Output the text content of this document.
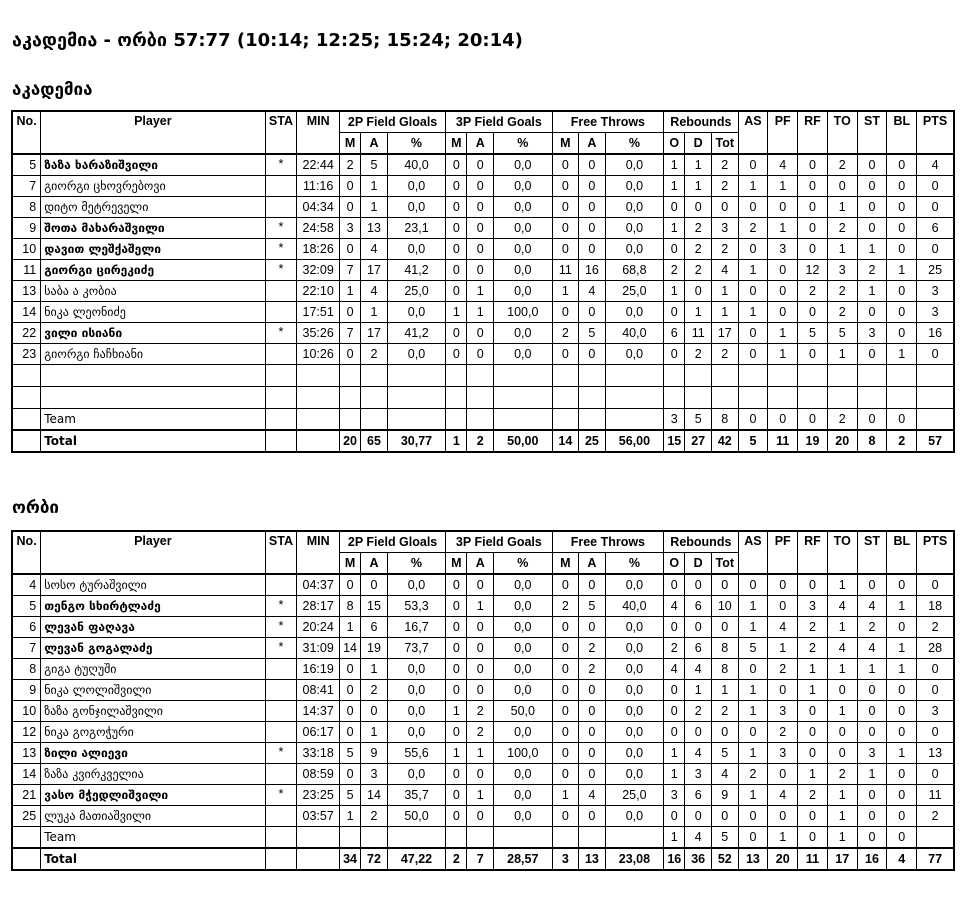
აკადემია - ორბი 57:77 (10:14; 12:25; 15:24; 20:14)
აკადემია
No.	Player	STA	MIN	2P Field Gloals			3P Field Goals			Free Throws			Rebounds			AS	PF	RF	TO	ST	BL	PTS
				M	A	%	M	A	%	M	A	%	O	D	Tot							
5	ზაზა ხარაზიშვილი	*	22:44	2	5	40,0	0	0	0,0	0	0	0,0	1	1	2	0	4	0	2	0	0	4
7	გიორგი ცხოვრებოვი		11:16	0	1	0,0	0	0	0,0	0	0	0,0	1	1	2	1	1	0	0	0	0	0
8	დიტო მეტრეველი		04:34	0	1	0,0	0	0	0,0	0	0	0,0	0	0	0	0	0	0	1	0	0	0
9	შოთა მახარაშვილი	*	24:58	3	13	23,1	0	0	0,0	0	0	0,0	1	2	3	2	1	0	2	0	0	6
10	დავით ლეშქაშელი	*	18:26	0	4	0,0	0	0	0,0	0	0	0,0	0	2	2	0	3	0	1	1	0	0
11	გიორგი ცირეკიძე	*	32:09	7	17	41,2	0	0	0,0	11	16	68,8	2	2	4	1	0	12	3	2	1	25
13	საბა ა კობია		22:10	1	4	25,0	0	1	0,0	1	4	25,0	1	0	1	0	0	2	2	1	0	3
14	ნიკა ლეონიძე		17:51	0	1	0,0	1	1	100,0	0	0	0,0	0	1	1	1	0	0	2	0	0	3
22	ვილი ისიანი	*	35:26	7	17	41,2	0	0	0,0	2	5	40,0	6	11	17	0	1	5	5	3	0	16
23	გიორგი ჩაჩხიანი		10:26	0	2	0,0	0	0	0,0	0	0	0,0	0	2	2	0	1	0	1	0	1	0

	Team												3	5	8	0	0	0	2	0	0	
	Total			20	65	30,77	1	2	50,00	14	25	56,00	15	27	42	5	11	19	20	8	2	57
ორბი
No.	Player	STA	MIN	2P Field Gloals			3P Field Goals			Free Throws			Rebounds			AS	PF	RF	TO	ST	BL	PTS
				M	A	%	M	A	%	M	A	%	O	D	Tot							
4	სოსო ტურაშვილი		04:37	0	0	0,0	0	0	0,0	0	0	0,0	0	0	0	0	0	0	1	0	0	0
5	თენგო სხირტლაძე	*	28:17	8	15	53,3	0	1	0,0	2	5	40,0	4	6	10	1	0	3	4	4	1	18
6	ლევან ფაღავა	*	20:24	1	6	16,7	0	0	0,0	0	0	0,0	0	0	0	1	4	2	1	2	0	2
7	ლევან გოგალაძე	*	31:09	14	19	73,7	0	0	0,0	0	2	0,0	2	6	8	5	1	2	4	4	1	28
8	გიგა ტუღუში		16:19	0	1	0,0	0	0	0,0	0	2	0,0	4	4	8	0	2	1	1	1	1	0
9	ნიკა ლოლიშვილი		08:41	0	2	0,0	0	0	0,0	0	0	0,0	0	1	1	1	0	1	0	0	0	0
10	ზაზა გონჯილაშვილი		14:37	0	0	0,0	1	2	50,0	0	0	0,0	0	2	2	1	3	0	1	0	0	3
12	ნიკა გოგოჭური		06:17	0	1	0,0	0	2	0,0	0	0	0,0	0	0	0	0	2	0	0	0	0	0
13	ზილი ალიევი	*	33:18	5	9	55,6	1	1	100,0	0	0	0,0	1	4	5	1	3	0	0	3	1	13
14	ზაზა კვირკველია		08:59	0	3	0,0	0	0	0,0	0	0	0,0	1	3	4	2	0	1	2	1	0	0
21	ვასო მჭედლიშვილი	*	23:25	5	14	35,7	0	1	0,0	1	4	25,0	3	6	9	1	4	2	1	0	0	11
25	ლუკა მათიაშვილი		03:57	1	2	50,0	0	0	0,0	0	0	0,0	0	0	0	0	0	0	1	0	0	2
	Team												1	4	5	0	1	0	1	0	0	
	Total			34	72	47,22	2	7	28,57	3	13	23,08	16	36	52	13	20	11	17	16	4	77
